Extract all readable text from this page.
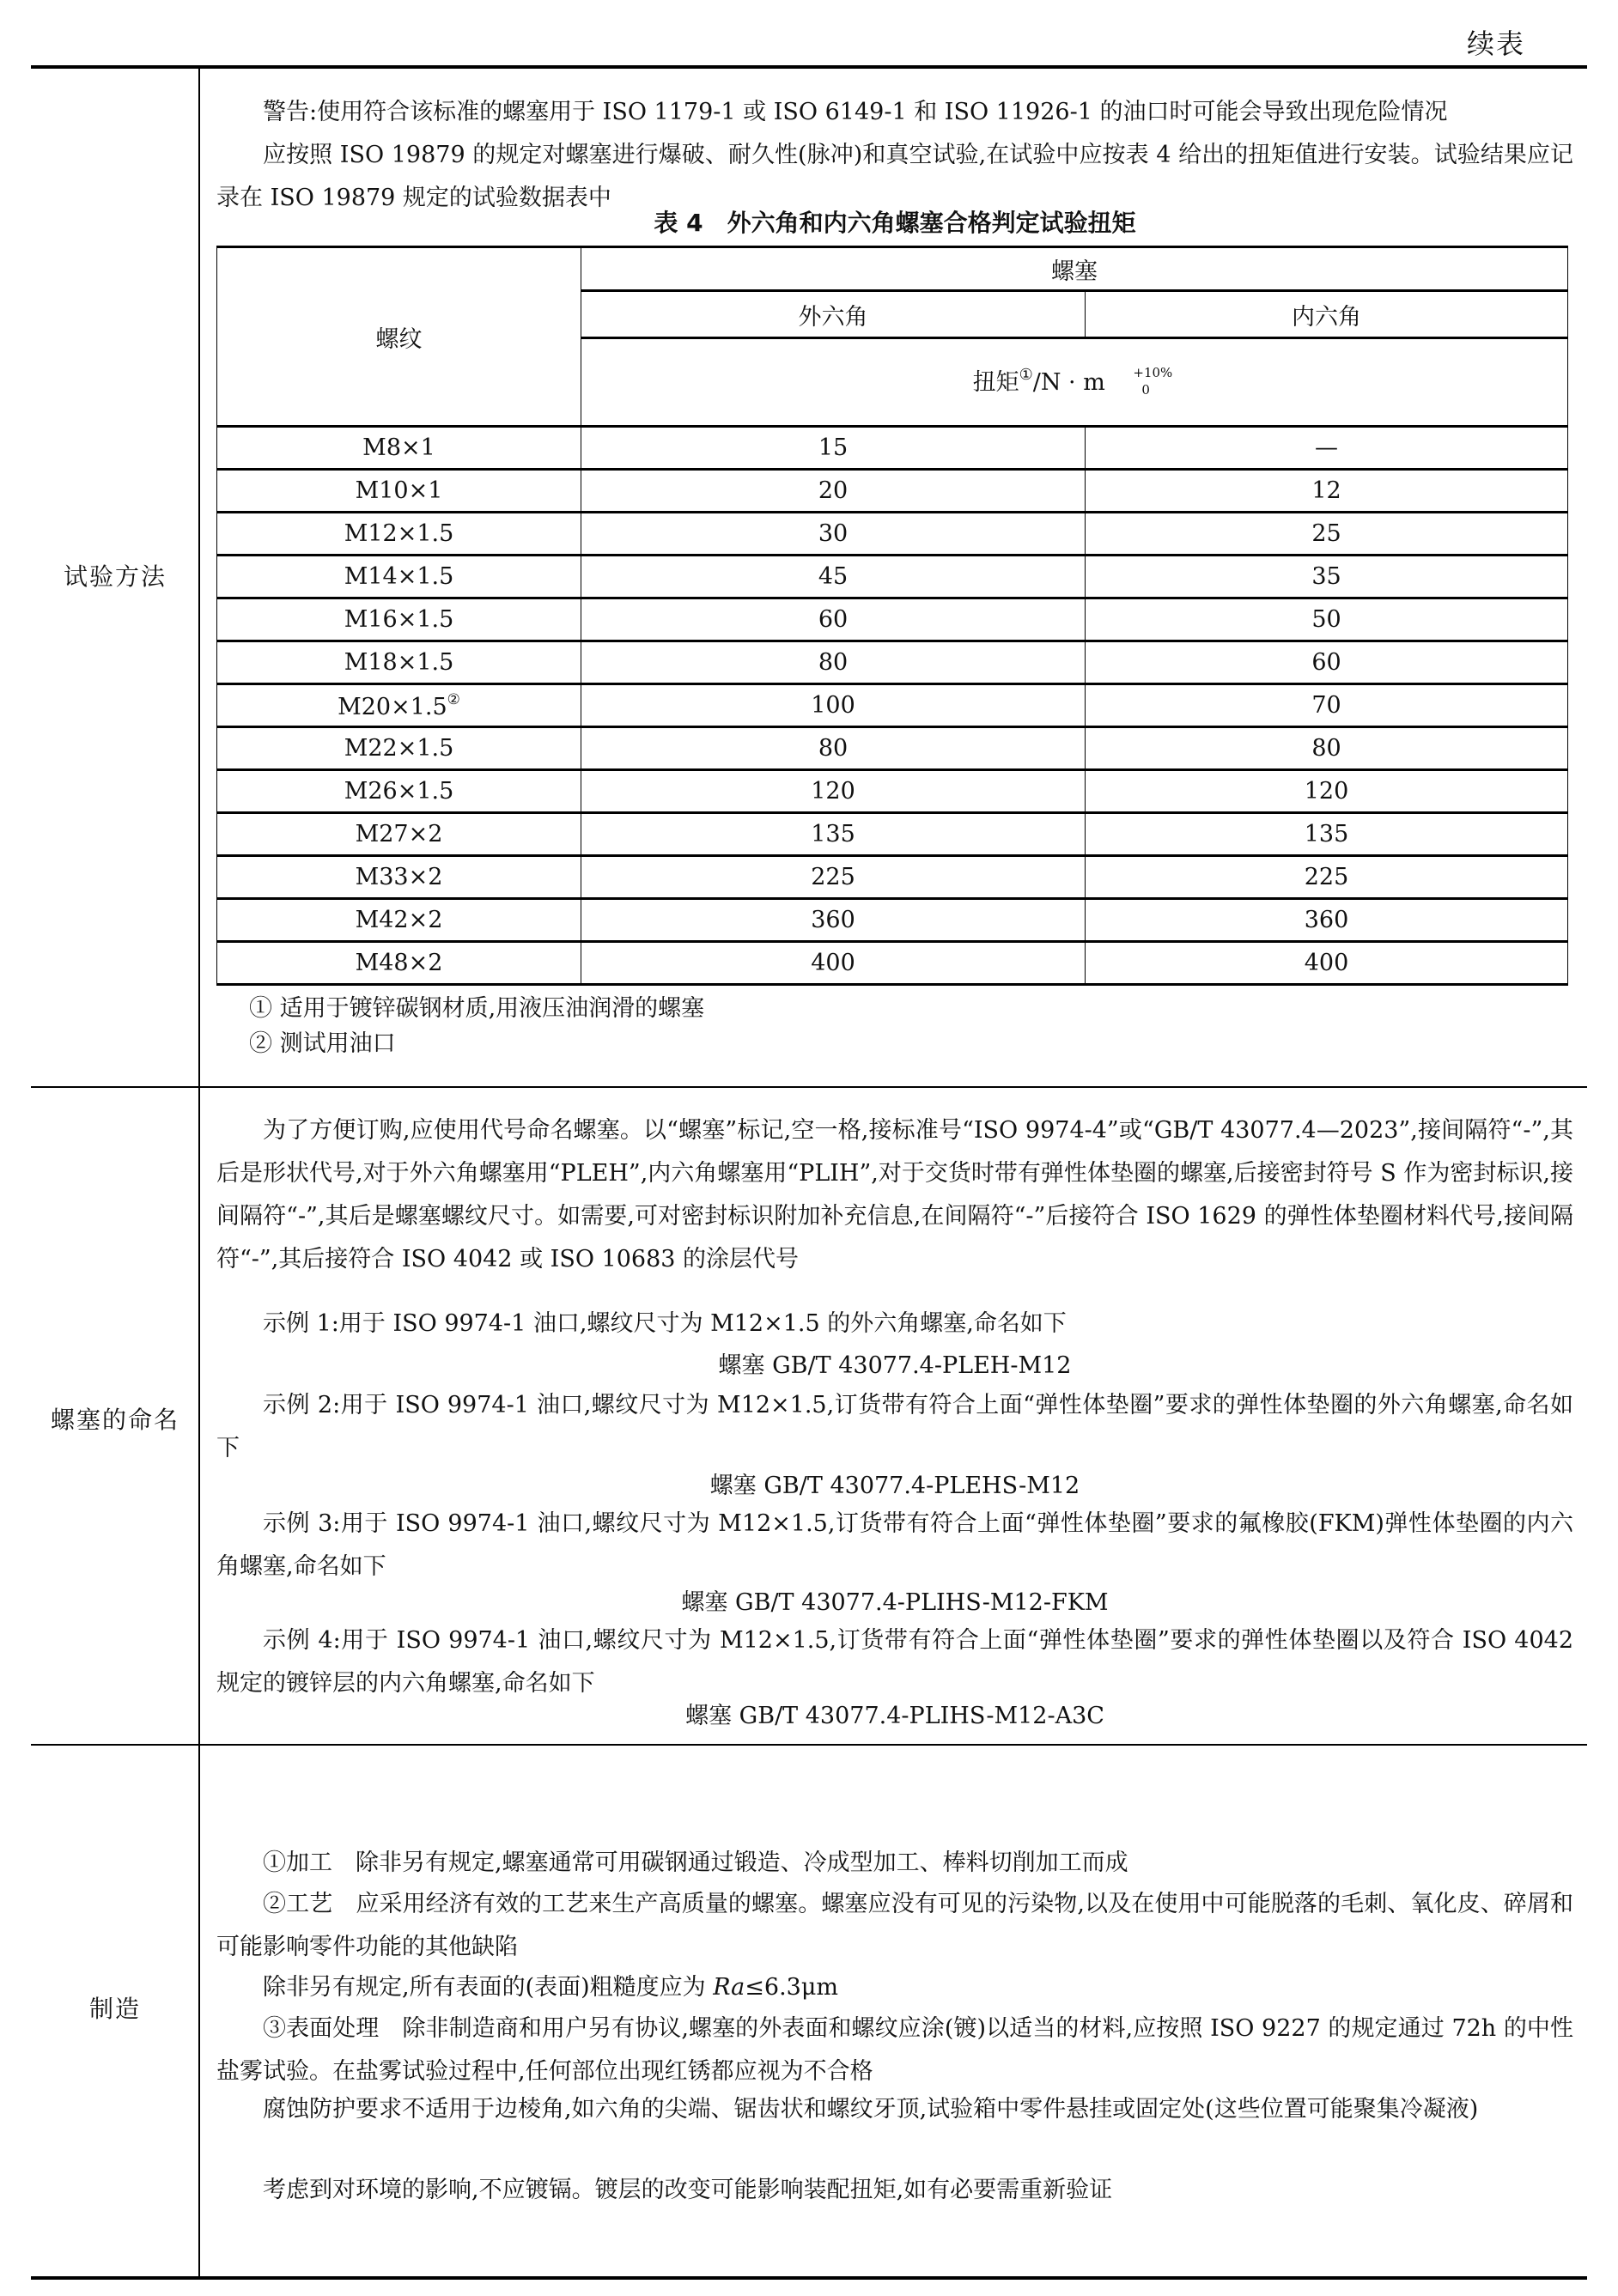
续表
试验方法
警告:使用符合该标准的螺塞用于 ISO 1179-1 或 ISO 6149-1 和 ISO 11926-1 的油口时可能会导致出现危险情况
应按照 ISO 19879 的规定对螺塞进行爆破、耐久性(脉冲)和真空试验,在试验中应按表 4 给出的扭矩值进行安装。试验结果应记录在 ISO 19879 规定的试验数据表中
表 4　外六角和内六角螺塞合格判定试验扭矩
螺纹	螺塞	
	外六角	内六角
	扭矩①/N · m +10%
0	

M8×1	15	—
M10×1	20	12
M12×1.5	30	25
M14×1.5	45	35
M16×1.5	60	50
M18×1.5	80	60
M20×1.5②	100	70
M22×1.5	80	80
M26×1.5	120	120
M27×2	135	135
M33×2	225	225
M42×2	360	360
M48×2	400	400
① 适用于镀锌碳钢材质,用液压油润滑的螺塞
② 测试用油口
螺塞的命名
为了方便订购,应使用代号命名螺塞。以“螺塞”标记,空一格,接标准号“ISO 9974-4”或“GB/T 43077.4—2023”,接间隔符“-”,其后是形状代号,对于外六角螺塞用“PLEH”,内六角螺塞用“PLIH”,对于交货时带有弹性体垫圈的螺塞,后接密封符号 S 作为密封标识,接间隔符“-”,其后是螺塞螺纹尺寸。如需要,可对密封标识附加补充信息,在间隔符“-”后接符合 ISO 1629 的弹性体垫圈材料代号,接间隔符“-”,其后接符合 ISO 4042 或 ISO 10683 的涂层代号
示例 1:用于 ISO 9974-1 油口,螺纹尺寸为 M12×1.5 的外六角螺塞,命名如下
螺塞 GB/T 43077.4-PLEH-M12
示例 2:用于 ISO 9974-1 油口,螺纹尺寸为 M12×1.5,订货带有符合上面“弹性体垫圈”要求的弹性体垫圈的外六角螺塞,命名如下
螺塞 GB/T 43077.4-PLEHS-M12
示例 3:用于 ISO 9974-1 油口,螺纹尺寸为 M12×1.5,订货带有符合上面“弹性体垫圈”要求的氟橡胶(FKM)弹性体垫圈的内六角螺塞,命名如下
螺塞 GB/T 43077.4-PLIHS-M12-FKM
示例 4:用于 ISO 9974-1 油口,螺纹尺寸为 M12×1.5,订货带有符合上面“弹性体垫圈”要求的弹性体垫圈以及符合 ISO 4042 规定的镀锌层的内六角螺塞,命名如下
螺塞 GB/T 43077.4-PLIHS-M12-A3C
制造
①加工　除非另有规定,螺塞通常可用碳钢通过锻造、冷成型加工、棒料切削加工而成
②工艺　应采用经济有效的工艺来生产高质量的螺塞。螺塞应没有可见的污染物,以及在使用中可能脱落的毛刺、氧化皮、碎屑和可能影响零件功能的其他缺陷
除非另有规定,所有表面的(表面)粗糙度应为 Ra≤6.3μm
③表面处理　除非制造商和用户另有协议,螺塞的外表面和螺纹应涂(镀)以适当的材料,应按照 ISO 9227 的规定通过 72h 的中性盐雾试验。在盐雾试验过程中,任何部位出现红锈都应视为不合格
腐蚀防护要求不适用于边棱角,如六角的尖端、锯齿状和螺纹牙顶,试验箱中零件悬挂或固定处(这些位置可能聚集冷凝液)
考虑到对环境的影响,不应镀镉。镀层的改变可能影响装配扭矩,如有必要需重新验证
